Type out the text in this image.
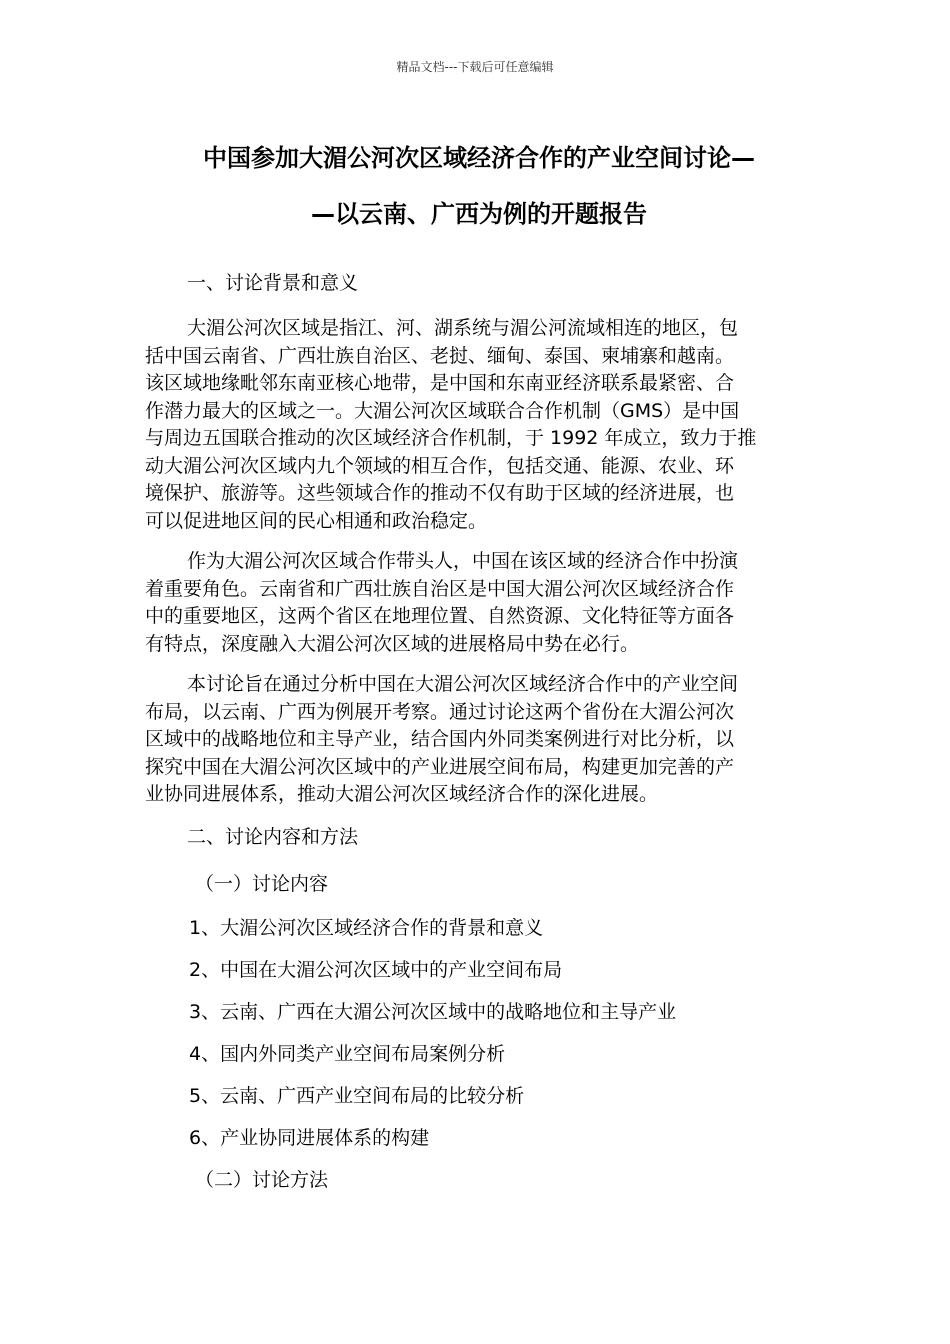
精品文档---下载后可任意编辑
中国参加大湄公河次区域经济合作的产业空间讨论—
—以云南、广西为例的开题报告
一、讨论背景和意义
大湄公河次区域是指江、河、湖系统与湄公河流域相连的地区，包
括中国云南省、广西壮族自治区、老挝、缅甸、泰国、柬埔寨和越南。
该区域地缘毗邻东南亚核心地带，是中国和东南亚经济联系最紧密、合
作潜力最大的区域之一。大湄公河次区域联合合作机制（GMS）是中国
与周边五国联合推动的次区域经济合作机制，于 1992 年成立，致力于推
动大湄公河次区域内九个领域的相互合作，包括交通、能源、农业、环
境保护、旅游等。这些领域合作的推动不仅有助于区域的经济进展，也
可以促进地区间的民心相通和政治稳定。
作为大湄公河次区域合作带头人，中国在该区域的经济合作中扮演
着重要角色。云南省和广西壮族自治区是中国大湄公河次区域经济合作
中的重要地区，这两个省区在地理位置、自然资源、文化特征等方面各
有特点，深度融入大湄公河次区域的进展格局中势在必行。
本讨论旨在通过分析中国在大湄公河次区域经济合作中的产业空间
布局，以云南、广西为例展开考察。通过讨论这两个省份在大湄公河次
区域中的战略地位和主导产业，结合国内外同类案例进行对比分析，以
探究中国在大湄公河次区域中的产业进展空间布局，构建更加完善的产
业协同进展体系，推动大湄公河次区域经济合作的深化进展。
二、讨论内容和方法
（一）讨论内容
1、大湄公河次区域经济合作的背景和意义
2、中国在大湄公河次区域中的产业空间布局
3、云南、广西在大湄公河次区域中的战略地位和主导产业
4、国内外同类产业空间布局案例分析
5、云南、广西产业空间布局的比较分析
6、产业协同进展体系的构建
（二）讨论方法
